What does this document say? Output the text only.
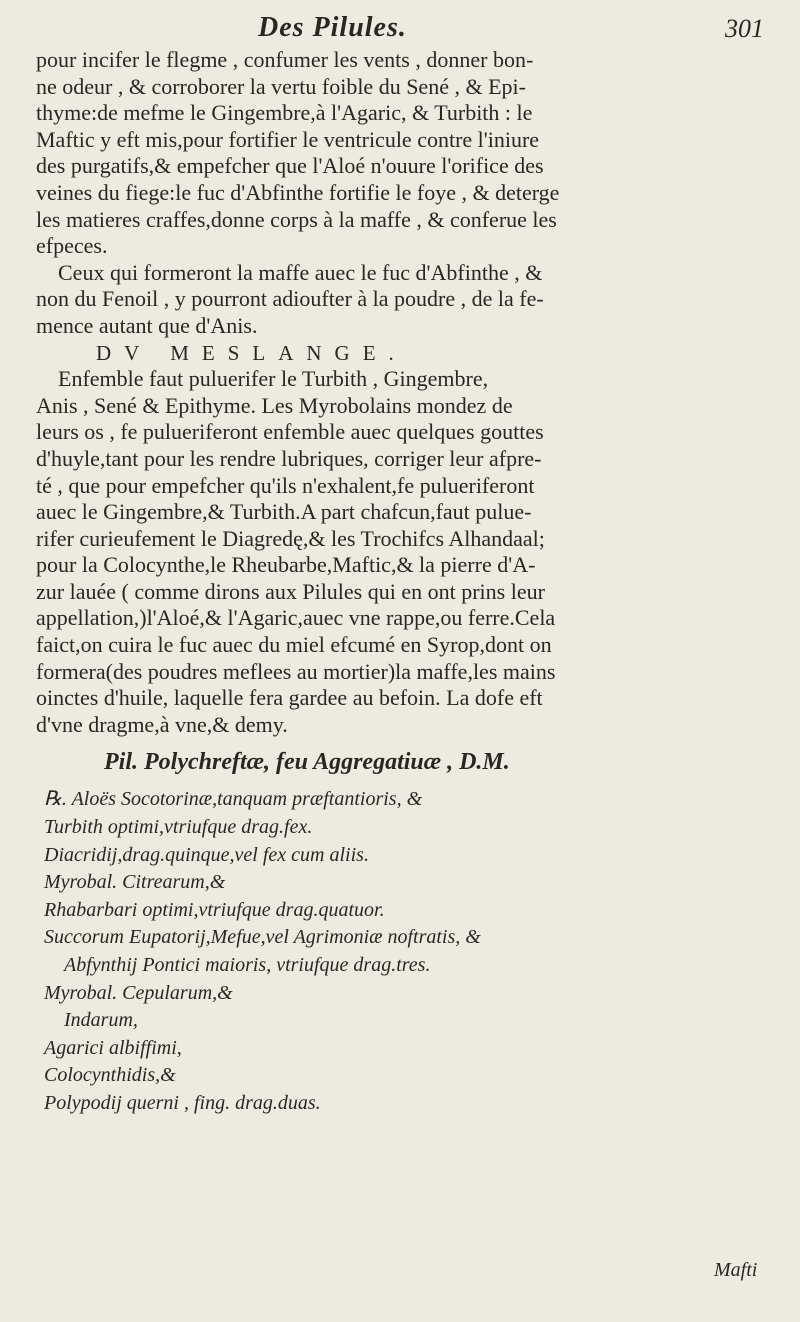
Des Pilules.	301
pour incifer le flegme , confumer les vents , donner bon-
ne odeur , & corroborer la vertu foible du Sené , & Epi-
thyme:de mefme le Gingembre,à l'Agaric, & Turbith : le
Maftic y eft mis,pour fortifier le ventricule contre l'iniure
des purgatifs,& empefcher que l'Aloé n'ouure l'orifice des
veines du fiege:le fuc d'Abfinthe fortifie le foye , & deterge
les matieres craffes,donne corps à la maffe , & conferue les
efpeces.
Ceux qui formeront la maffe auec le fuc d'Abfinthe , &
non du Fenoil , y pourront adioufter à la poudre , de la fe-
mence autant que d'Anis.
DV MESLANGE.
Enfemble faut puluerifer le Turbith , Gingembre,
Anis , Sené & Epithyme. Les Myrobolains mondez de
leurs os , fe pulueriferont enfemble auec quelques gouttes
d'huyle,tant pour les rendre lubriques, corriger leur afpre-
té , que pour empefcher qu'ils n'exhalent,fe pulueriferont
auec le Gingembre,& Turbith.A part chafcun,faut pulue-
rifer curieufement le Diagredę,& les Trochifcs Alhandaal;
pour la Colocynthe,le Rheubarbe,Maftic,& la pierre d'A-
zur lauée ( comme dirons aux Pilules qui en ont prins leur
appellation,)l'Aloé,& l'Agaric,auec vne rappe,ou ferre.Cela
faict,on cuira le fuc auec du miel efcumé en Syrop,dont on
formera(des poudres meflees au mortier)la maffe,les mains
oinctes d'huile, laquelle fera gardee au befoin. La dofe eft
d'vne dragme,à vne,& demy.
Pil. Polychreftæ, feu Aggregatiuæ , D.M.
℞. Aloës Socotorinæ,tanquam præftantioris, &
Turbith optimi,vtriufque drag.fex.
Diacridij,drag.quinque,vel fex cum aliis.
Myrobal. Citrearum,&
Rhabarbari optimi,vtriufque drag.quatuor.
Succorum Eupatorij,Mefue,vel Agrimoniæ noftratis, &
Abfynthij Pontici maioris, vtriufque drag.tres.
Myrobal. Cepularum,&
Indarum,
Agarici albiffimi,
Colocynthidis,&
Polypodij querni , fing. drag.duas.
Mafti
